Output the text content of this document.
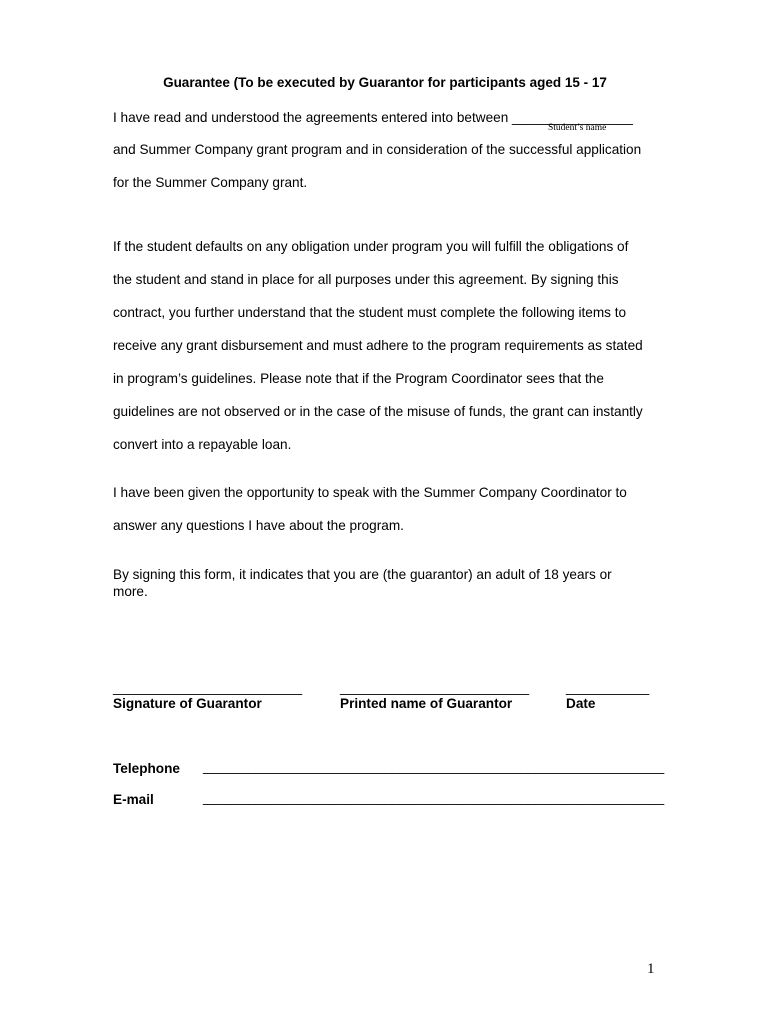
Guarantee (To be executed by Guarantor for participants aged 15 - 17
I have read and understood the agreements entered into between ________________
Student’s name
and Summer Company grant program and in consideration of the successful application
for the Summer Company grant.
If the student defaults on any obligation under program you will fulfill the obligations of
the student and stand in place for all purposes under this agreement. By signing this
contract, you further understand that the student must complete the following items to
receive any grant disbursement and must adhere to the program requirements as stated
in program’s guidelines. Please note that if the Program Coordinator sees that the
guidelines are not observed or in the case of the misuse of funds, the grant can instantly
convert into a repayable loan.
I have been given the opportunity to speak with the Summer Company Coordinator to
answer any questions I have about the program.
By signing this form, it indicates that you are (the guarantor) an adult of 18 years or
more.
_________________________	_________________________	___________
Signature of Guarantor	Printed name of Guarantor	Date
Telephone _____________________________________________________________
E-mail	_____________________________________________________________
1
